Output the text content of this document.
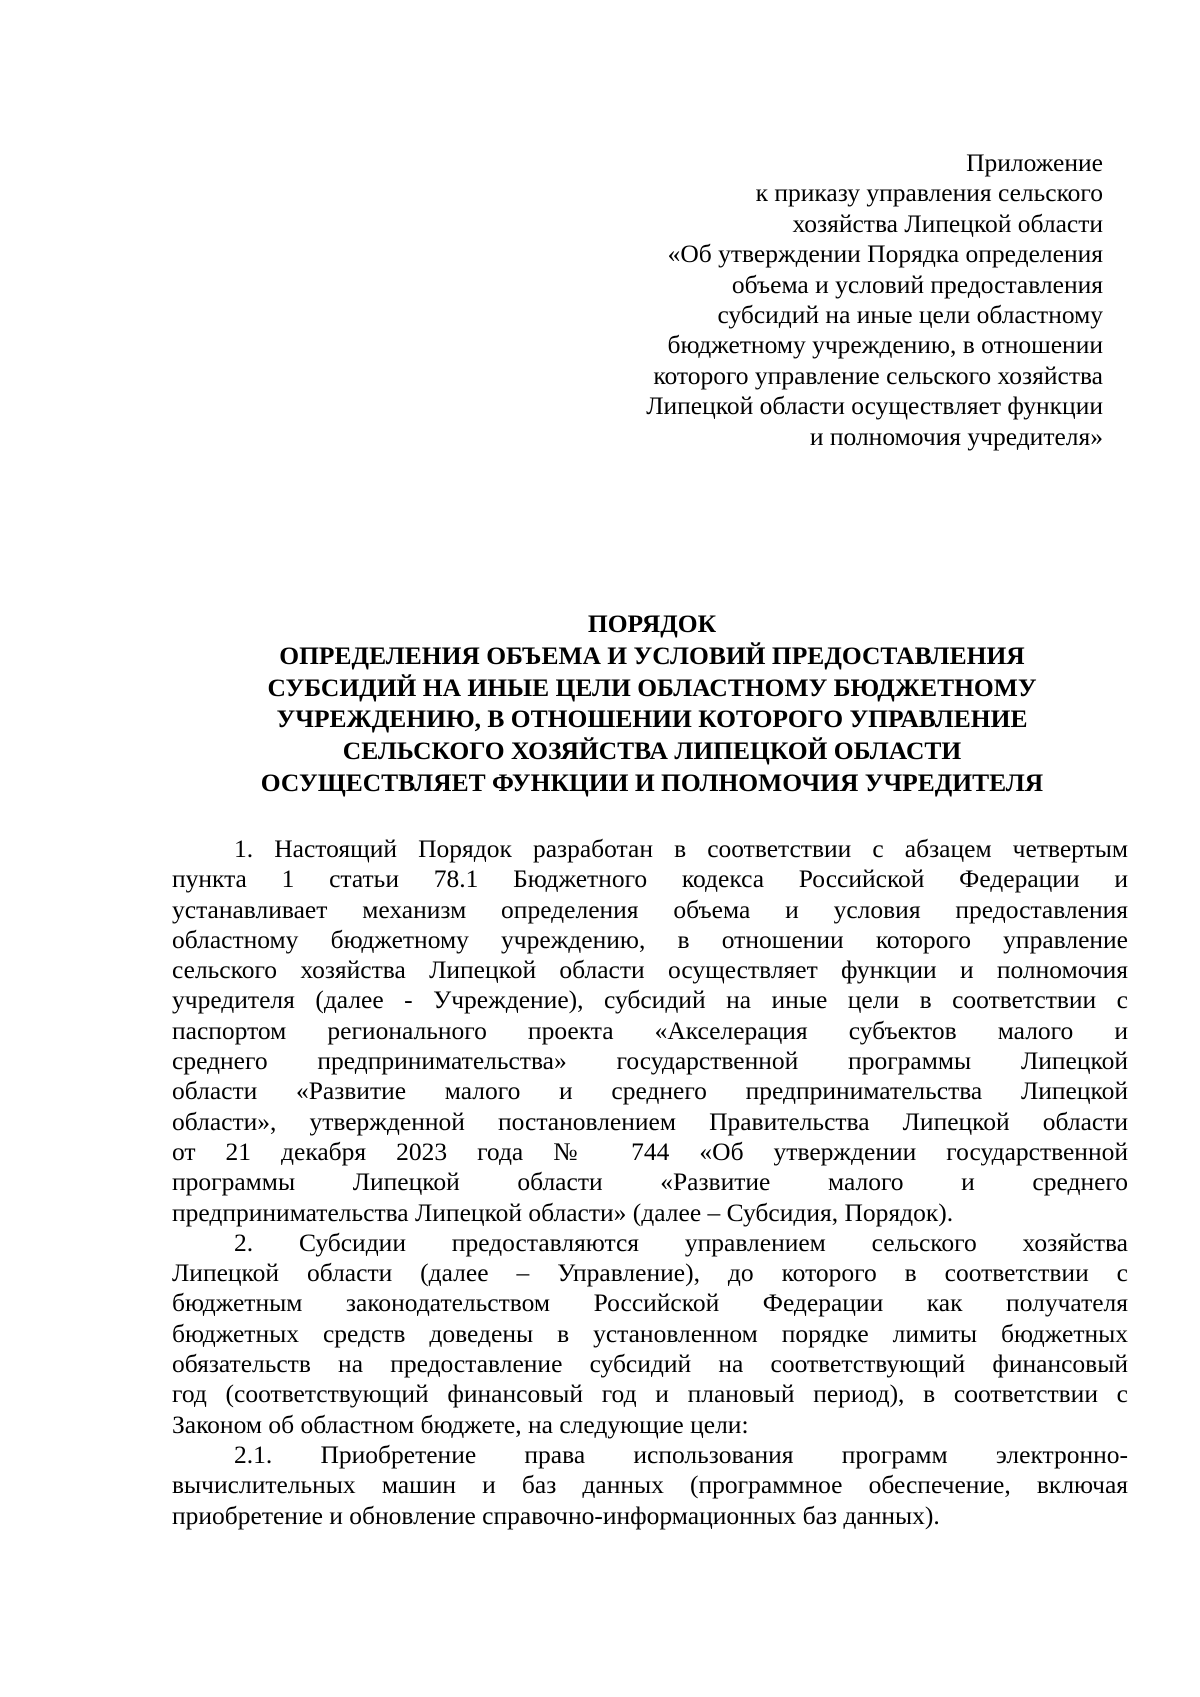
Приложение
к приказу управления сельского
хозяйства Липецкой области
«Об утверждении Порядка определения
объема и условий предоставления
субсидий на иные цели областному
бюджетному учреждению, в отношении
которого управление сельского хозяйства
Липецкой области осуществляет функции
и полномочия учредителя»
ПОРЯДОК
ОПРЕДЕЛЕНИЯ ОБЪЕМА И УСЛОВИЙ ПРЕДОСТАВЛЕНИЯ
СУБСИДИЙ НА ИНЫЕ ЦЕЛИ ОБЛАСТНОМУ БЮДЖЕТНОМУ
УЧРЕЖДЕНИЮ, В ОТНОШЕНИИ КОТОРОГО УПРАВЛЕНИЕ
СЕЛЬСКОГО ХОЗЯЙСТВА ЛИПЕЦКОЙ ОБЛАСТИ
ОСУЩЕСТВЛЯЕТ ФУНКЦИИ И ПОЛНОМОЧИЯ УЧРЕДИТЕЛЯ
1. Настоящий Порядок разработан в соответствии с абзацем четвертым
пункта 1 статьи 78.1 Бюджетного кодекса Российской Федерации и
устанавливает механизм определения объема и условия предоставления
областному бюджетному учреждению, в отношении которого управление
сельского хозяйства Липецкой области осуществляет функции и полномочия
учредителя (далее - Учреждение), субсидий на иные цели в соответствии с
паспортом регионального проекта «Акселерация субъектов малого и
среднего предпринимательства» государственной программы Липецкой
области «Развитие малого и среднего предпринимательства Липецкой
области», утвержденной постановлением Правительства Липецкой области
от 21 декабря 2023 года № 744 «Об утверждении государственной
программы Липецкой области «Развитие малого и среднего
предпринимательства Липецкой области» (далее – Субсидия, Порядок).
2. Субсидии предоставляются управлением сельского хозяйства
Липецкой области (далее – Управление), до которого в соответствии с
бюджетным законодательством Российской Федерации как получателя
бюджетных средств доведены в установленном порядке лимиты бюджетных
обязательств на предоставление субсидий на соответствующий финансовый
год (соответствующий финансовый год и плановый период), в соответствии с
Законом об областном бюджете, на следующие цели:
2.1. Приобретение права использования программ электронно-
вычислительных машин и баз данных (программное обеспечение, включая
приобретение и обновление справочно-информационных баз данных).
